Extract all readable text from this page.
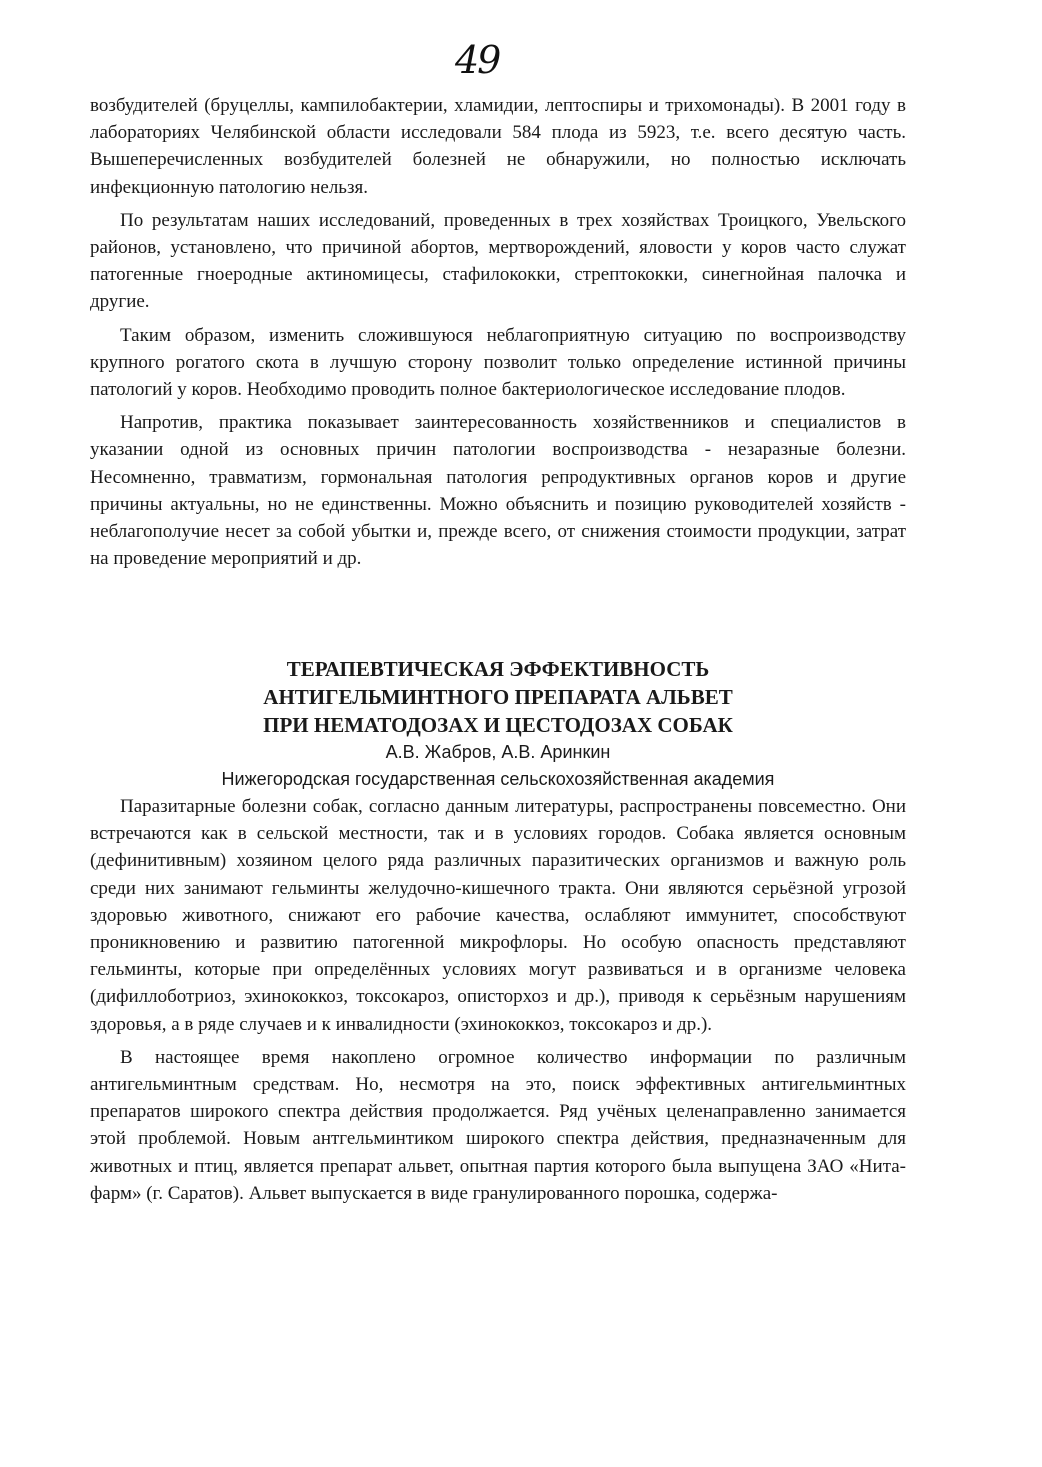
49

возбудителей (бруцеллы, кампилобактерии, хламидии, лептоспиры и трихомонады). В 2001 году в лабораториях Челябинской области исследовали 584 плода из 5923, т.е. всего десятую часть. Вышеперечисленных возбудителей болезней не обнаружили, но полностью исключать инфекционную патологию нельзя.

По результатам наших исследований, проведенных в трех хозяйствах Троицкого, Увельского районов, установлено, что причиной абортов, мертворождений, яловости у коров часто служат патогенные гноеродные актиномицесы, стафилококки, стрептококки, синегнойная палочка и другие.

Таким образом, изменить сложившуюся неблагоприятную ситуацию по воспроизводству крупного рогатого скота в лучшую сторону позволит только определение истинной причины патологий у коров. Необходимо проводить полное бактериологическое исследование плодов.

Напротив, практика показывает заинтересованность хозяйственников и специалистов в указании одной из основных причин патологии воспроизводства - незаразные болезни. Несомненно, травматизм, гормональная патология репродуктивных органов коров и другие причины актуальны, но не единственны. Можно объяснить и позицию руководителей хозяйств - неблагополучие несет за собой убытки и, прежде всего, от снижения стоимости продукции, затрат на проведение мероприятий и др.

ТЕРАПЕВТИЧЕСКАЯ ЭФФЕКТИВНОСТЬ
АНТИГЕЛЬМИНТНОГО ПРЕПАРАТА АЛЬВЕТ
ПРИ НЕМАТОДОЗАХ И ЦЕСТОДОЗАХ СОБАК
А.В. Жабров, А.В. Аринкин
Нижегородская государственная сельскохозяйственная академия

Паразитарные болезни собак, согласно данным литературы, распространены повсеместно. Они встречаются как в сельской местности, так и в условиях городов. Собака является основным (дефинитивным) хозяином целого ряда различных паразитических организмов и важную роль среди них занимают гельминты желудочно-кишечного тракта. Они являются серьёзной угрозой здоровью животного, снижают его рабочие качества, ослабляют иммунитет, способствуют проникновению и развитию патогенной микрофлоры. Но особую опасность представляют гельминты, которые при определённых условиях могут развиваться и в организме человека (дифиллоботриоз, эхинококкоз, токсокароз, описторхоз и др.), приводя к серьёзным нарушениям здоровья, а в ряде случаев и к инвалидности (эхинококкоз, токсокароз и др.).

В настоящее время накоплено огромное количество информации по различным антигельминтным средствам. Но, несмотря на это, поиск эффективных антигельминтных препаратов широкого спектра действия продолжается. Ряд учёных целенаправленно занимается этой проблемой. Новым антгельминтиком широкого спектра действия, предназначенным для животных и птиц, является препарат альвет, опытная партия которого была выпущена ЗАО «Нита-фарм» (г. Саратов). Альвет выпускается в виде гранулированного порошка, содержа-
